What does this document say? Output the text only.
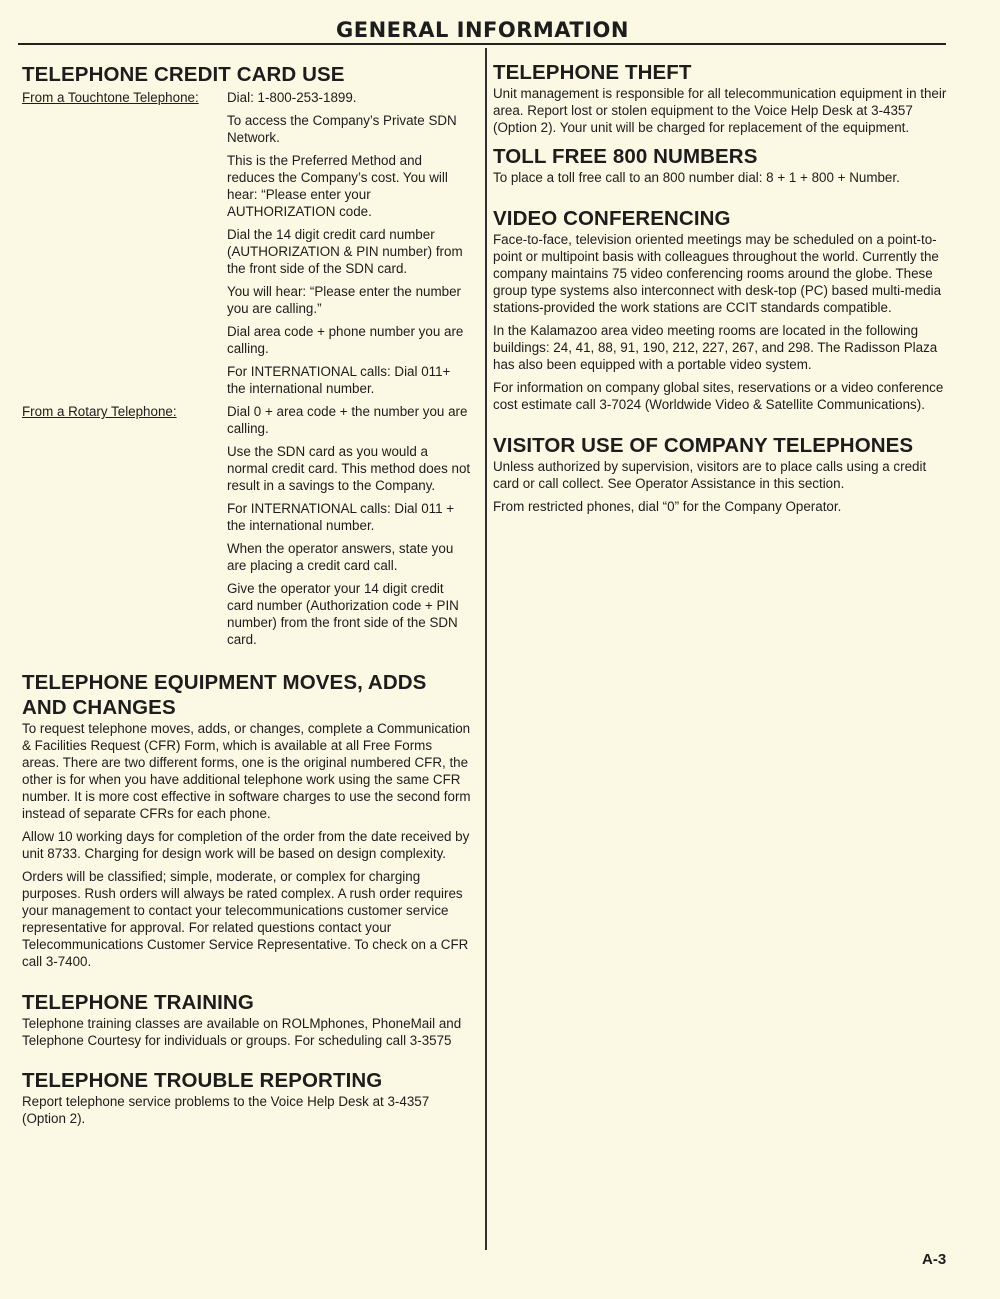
GENERAL INFORMATION
TELEPHONE CREDIT CARD USE
From a Touchtone Telephone:	Dial: 1-800-253-1899.

To access the Company’s Private SDN Network.

This is the Preferred Method and reduces the Company’s cost. You will hear: “Please enter your AUTHORIZATION code.

Dial the 14 digit credit card number (AUTHORIZATION & PIN number) from the front side of the SDN card.

You will hear: “Please enter the number you are calling.”

Dial area code + phone number you are calling.

For INTERNATIONAL calls: Dial 011+ the international number.

From a Rotary Telephone:	Dial 0 + area code + the number you are calling.

Use the SDN card as you would a normal credit card. This method does not result in a savings to the Company.

For INTERNATIONAL calls: Dial 011 + the international number.

When the operator answers, state you are placing a credit card call.

Give the operator your 14 digit credit card number (Authorization code + PIN number) from the front side of the SDN card.

TELEPHONE EQUIPMENT MOVES, ADDS
AND CHANGES

To request telephone moves, adds, or changes, complete a Communication & Facilities Request (CFR) Form, which is available at all Free Forms areas. There are two different forms, one is the original numbered CFR, the other is for when you have additional telephone work using the same CFR number. It is more cost effective in software charges to use the second form instead of separate CFRs for each phone.

Allow 10 working days for completion of the order from the date received by unit 8733. Charging for design work will be based on design complexity.

Orders will be classified; simple, moderate, or complex for charging purposes. Rush orders will always be rated complex. A rush order requires your management to contact your telecommunications customer service representative for approval. For related questions contact your Telecommunications Customer Service Representative. To check on a CFR call 3-7400.

TELEPHONE TRAINING

Telephone training classes are available on ROLMphones, PhoneMail and Telephone Courtesy for individuals or groups. For scheduling call 3-3575

TELEPHONE TROUBLE REPORTING

Report telephone service problems to the Voice Help Desk at 3-4357 (Option 2).

TELEPHONE THEFT

Unit management is responsible for all telecommunication equipment in their area. Report lost or stolen equipment to the Voice Help Desk at 3-4357 (Option 2). Your unit will be charged for replacement of the equipment.

TOLL FREE 800 NUMBERS

To place a toll free call to an 800 number dial: 8 + 1 + 800 + Number.

VIDEO CONFERENCING

Face-to-face, television oriented meetings may be scheduled on a point-to-point or multipoint basis with colleagues throughout the world. Currently the company maintains 75 video conferencing rooms around the globe. These group type systems also interconnect with desk-top (PC) based multi-media stations-provided the work stations are CCIT standards compatible.

In the Kalamazoo area video meeting rooms are located in the following buildings: 24, 41, 88, 91, 190, 212, 227, 267, and 298. The Radisson Plaza has also been equipped with a portable video system.

For information on company global sites, reservations or a video conference cost estimate call 3-7024 (Worldwide Video & Satellite Communications).

VISITOR USE OF COMPANY TELEPHONES

Unless authorized by supervision, visitors are to place calls using a credit card or call collect. See Operator Assistance in this section.

From restricted phones, dial “0” for the Company Operator.

A-3
